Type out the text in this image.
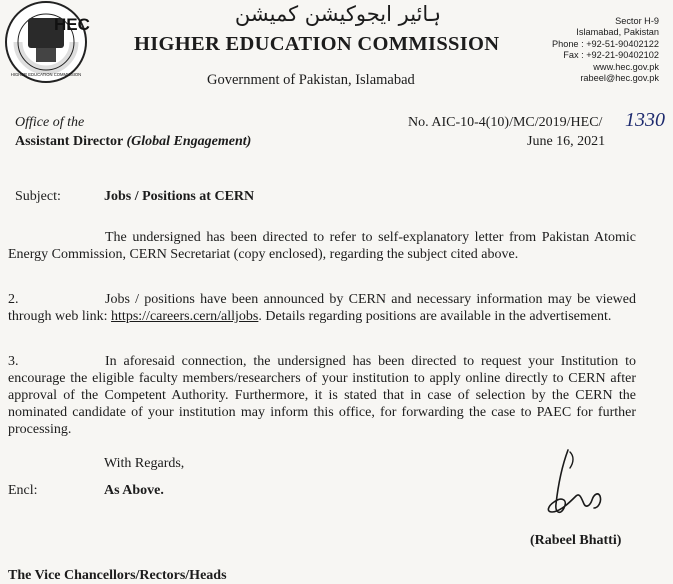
HEC
HIGHER EDUCATION COMMISSION
ہائیر ایجوکیشن کمیشن
HIGHER EDUCATION COMMISSION
Government of Pakistan, Islamabad
Sector H-9
Islamabad, Pakistan
Phone : +92-51-90402122
Fax : +92-21-90402102
www.hec.gov.pk
rabeel@hec.gov.pk
Office of the
Assistant Director (Global Engagement)
No. AIC-10-4(10)/MC/2019/HEC/ 1330
June 16, 2021
Subject:	Jobs / Positions at CERN
The undersigned has been directed to refer to self-explanatory letter from Pakistan Atomic Energy Commission, CERN Secretariat (copy enclosed), regarding the subject cited above.
2.	Jobs / positions have been announced by CERN and necessary information may be viewed through web link: https://careers.cern/alljobs. Details regarding positions are available in the advertisement.
3.	In aforesaid connection, the undersigned has been directed to request your Institution to encourage the eligible faculty members/researchers of your institution to apply online directly to CERN after approval of the Competent Authority. Furthermore, it is stated that in case of selection by the CERN the nominated candidate of your institution may inform this office, for forwarding the case to PAEC for further processing.
With Regards,
Encl:	As Above.
(Rabeel Bhatti)
The Vice Chancellors/Rectors/Heads
